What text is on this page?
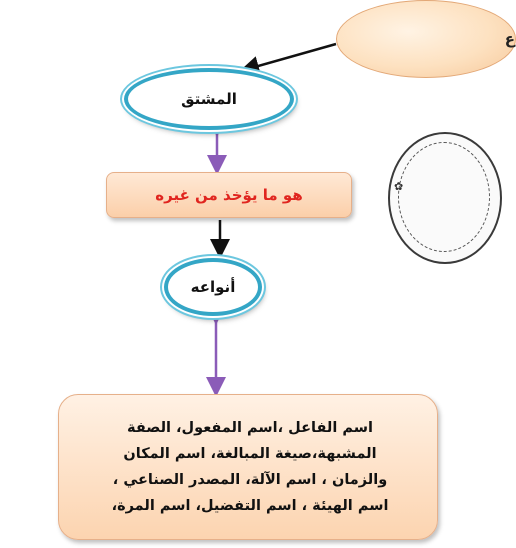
ع
المشتق
هو ما يؤخذ من غيره
أنواعه
اسم الفاعل ،اسم المفعول، الصفة
المشبهة،صيغة المبالغة، اسم المكان
والزمان ، اسم الآلة، المصدر الصناعي ،
اسم الهيئة ، اسم التفضيل، اسم المرة،
✿
